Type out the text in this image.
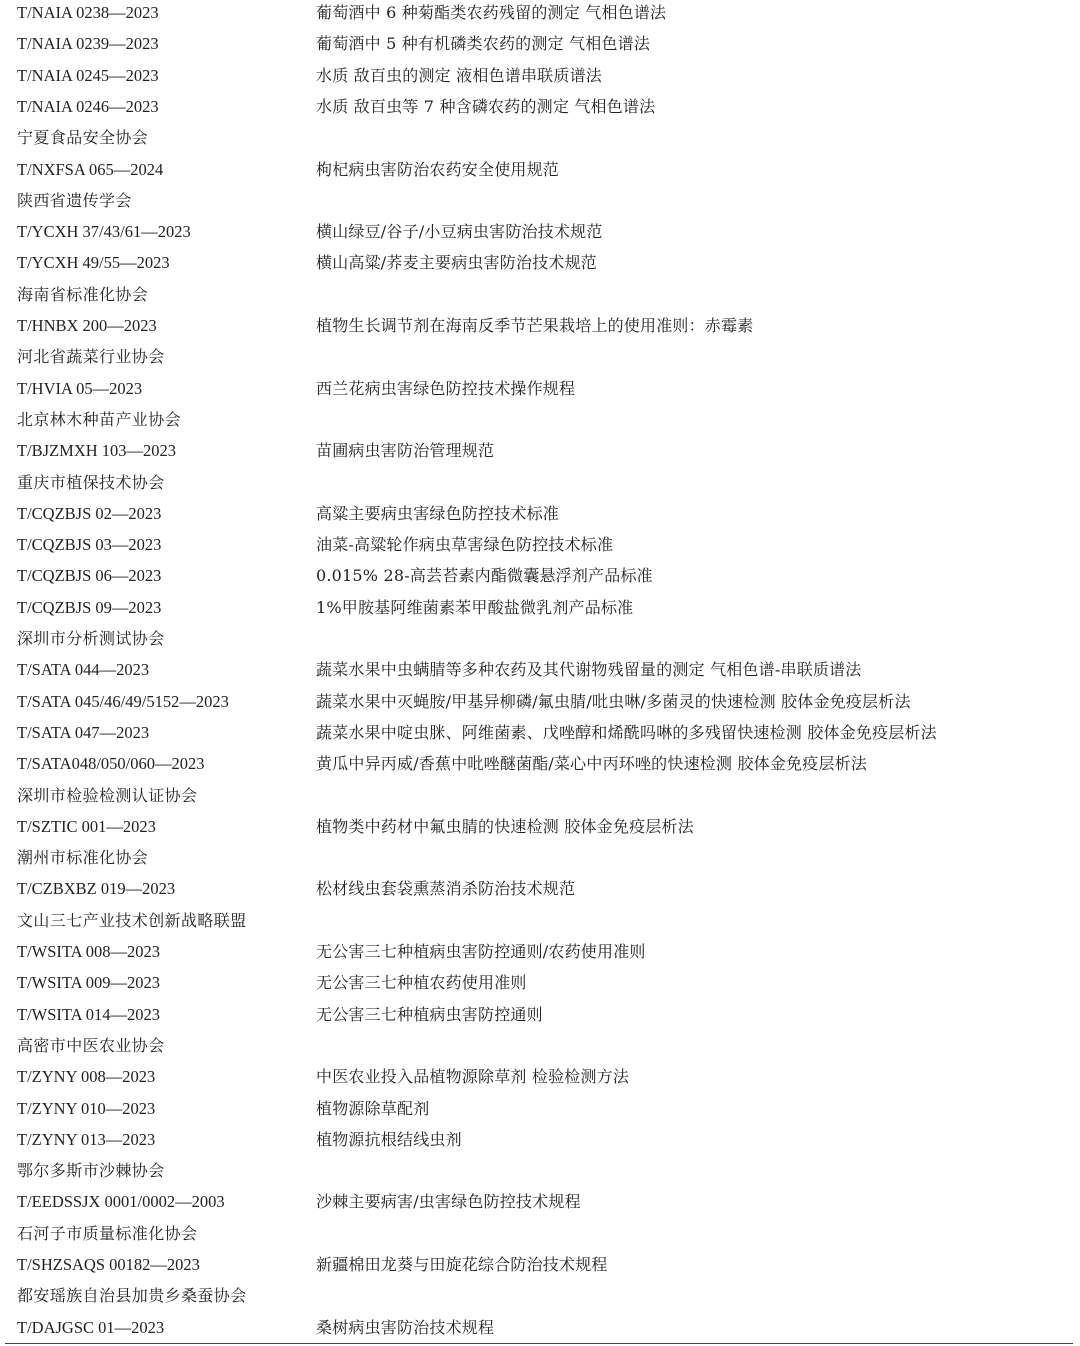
T/NAIA 0238—2023	葡萄酒中 6 种菊酯类农药残留的测定 气相色谱法
T/NAIA 0239—2023	葡萄酒中 5 种有机磷类农药的测定 气相色谱法
T/NAIA 0245—2023	水质 敌百虫的测定 液相色谱串联质谱法
T/NAIA 0246—2023	水质 敌百虫等 7 种含磷农药的测定 气相色谱法
宁夏食品安全协会
T/NXFSA 065—2024	枸杞病虫害防治农药安全使用规范
陕西省遗传学会
T/YCXH 37/43/61—2023	横山绿豆/谷子/小豆病虫害防治技术规范
T/YCXH 49/55—2023	横山高粱/荞麦主要病虫害防治技术规范
海南省标准化协会
T/HNBX 200—2023	植物生长调节剂在海南反季节芒果栽培上的使用准则：赤霉素
河北省蔬菜行业协会
T/HVIA 05—2023	西兰花病虫害绿色防控技术操作规程
北京林木种苗产业协会
T/BJZMXH 103—2023	苗圃病虫害防治管理规范
重庆市植保技术协会
T/CQZBJS 02—2023	高粱主要病虫害绿色防控技术标准
T/CQZBJS 03—2023	油菜-高粱轮作病虫草害绿色防控技术标准
T/CQZBJS 06—2023	0.015% 28-高芸苔素内酯微囊悬浮剂产品标准
T/CQZBJS 09—2023	1%甲胺基阿维菌素苯甲酸盐微乳剂产品标准
深圳市分析测试协会
T/SATA 044—2023	蔬菜水果中虫螨腈等多种农药及其代谢物残留量的测定 气相色谱-串联质谱法
T/SATA 045/46/49/5152—2023	蔬菜水果中灭蝇胺/甲基异柳磷/氟虫腈/吡虫啉/多菌灵的快速检测 胶体金免疫层析法
T/SATA 047—2023	蔬菜水果中啶虫脒、阿维菌素、戊唑醇和烯酰吗啉的多残留快速检测 胶体金免疫层析法
T/SATA048/050/060—2023	黄瓜中异丙威/香蕉中吡唑醚菌酯/菜心中丙环唑的快速检测 胶体金免疫层析法
深圳市检验检测认证协会
T/SZTIC 001—2023	植物类中药材中氟虫腈的快速检测 胶体金免疫层析法
潮州市标准化协会
T/CZBXBZ 019—2023	松材线虫套袋熏蒸消杀防治技术规范
文山三七产业技术创新战略联盟
T/WSITA 008—2023	无公害三七种植病虫害防控通则/农药使用准则
T/WSITA 009—2023	无公害三七种植农药使用准则
T/WSITA 014—2023	无公害三七种植病虫害防控通则
高密市中医农业协会
T/ZYNY 008—2023	中医农业投入品植物源除草剂 检验检测方法
T/ZYNY 010—2023	植物源除草配剂
T/ZYNY 013—2023	植物源抗根结线虫剂
鄂尔多斯市沙棘协会
T/EEDSSJX 0001/0002—2003	沙棘主要病害/虫害绿色防控技术规程
石河子市质量标准化协会
T/SHZSAQS 00182—2023	新疆棉田龙葵与田旋花综合防治技术规程
都安瑶族自治县加贵乡桑蚕协会
T/DAJGSC 01—2023	桑树病虫害防治技术规程
